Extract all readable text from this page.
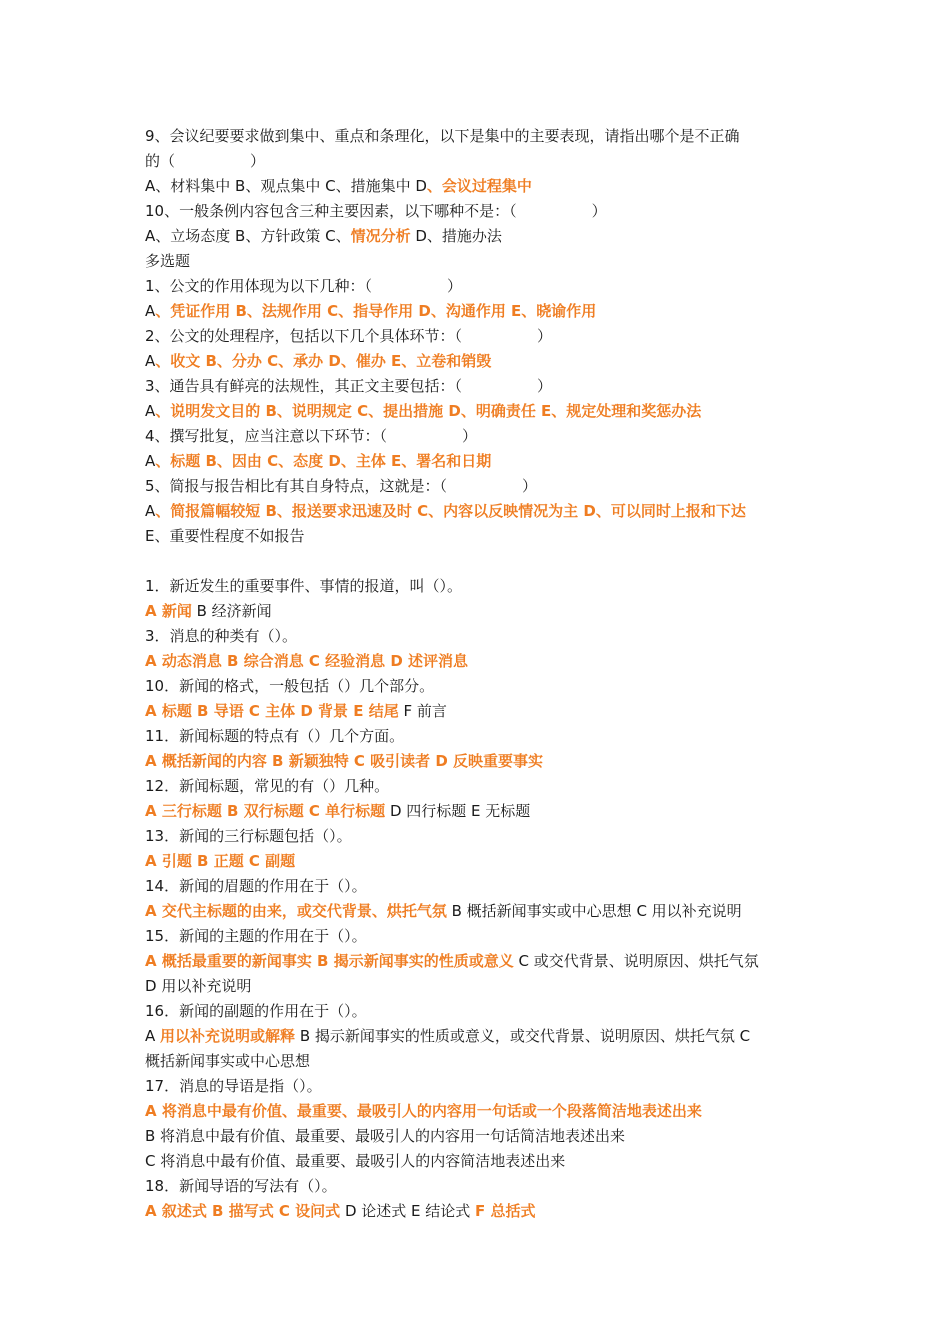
9、会议纪要要求做到集中、重点和条理化，以下是集中的主要表现，请指出哪个是不正确
的（　　　　　）
A、材料集中 B、观点集中 C、措施集中 D、会议过程集中
10、一般条例内容包含三种主要因素，以下哪种不是：（　　　　　）
A、立场态度 B、方针政策 C、情况分析 D、措施办法
多选题
1、公文的作用体现为以下几种：（　　　　　）
A、凭证作用 B、法规作用 C、指导作用 D、沟通作用 E、晓谕作用
2、公文的处理程序，包括以下几个具体环节：（　　　　　）
A、收文 B、分办 C、承办 D、催办 E、立卷和销毁
3、通告具有鲜亮的法规性，其正文主要包括：（　　　　　）
A、说明发文目的 B、说明规定 C、提出措施 D、明确责任 E、规定处理和奖惩办法
4、撰写批复，应当注意以下环节：（　　　　　）
A、标题 B、因由 C、态度 D、主体 E、署名和日期
5、简报与报告相比有其自身特点，这就是：（　　　　　）
A、简报篇幅较短 B、报送要求迅速及时 C、内容以反映情况为主 D、可以同时上报和下达
E、重要性程度不如报告
1．新近发生的重要事件、事情的报道，叫（）。
A 新闻 B 经济新闻
3．消息的种类有（）。
A 动态消息 B 综合消息 C 经验消息 D 述评消息
10．新闻的格式，一般包括（）几个部分。
A 标题 B 导语 C 主体 D 背景 E 结尾 F 前言
11．新闻标题的特点有（）几个方面。
A 概括新闻的内容 B 新颖独特 C 吸引读者 D 反映重要事实
12．新闻标题，常见的有（）几种。
A 三行标题 B 双行标题 C 单行标题 D 四行标题 E 无标题
13．新闻的三行标题包括（）。
A 引题 B 正题 C 副题
14．新闻的眉题的作用在于（）。
A 交代主标题的由来，或交代背景、烘托气氛 B 概括新闻事实或中心思想 C 用以补充说明
15．新闻的主题的作用在于（）。
A 概括最重要的新闻事实 B 揭示新闻事实的性质或意义 C 或交代背景、说明原因、烘托气氛
D 用以补充说明
16．新闻的副题的作用在于（）。
A 用以补充说明或解释 B 揭示新闻事实的性质或意义，或交代背景、说明原因、烘托气氛 C
概括新闻事实或中心思想
17．消息的导语是指（）。
A 将消息中最有价值、最重要、最吸引人的内容用一句话或一个段落简洁地表述出来
B 将消息中最有价值、最重要、最吸引人的内容用一句话简洁地表述出来
C 将消息中最有价值、最重要、最吸引人的内容简洁地表述出来
18．新闻导语的写法有（）。
A 叙述式 B 描写式 C 设问式 D 论述式 E 结论式 F 总括式
